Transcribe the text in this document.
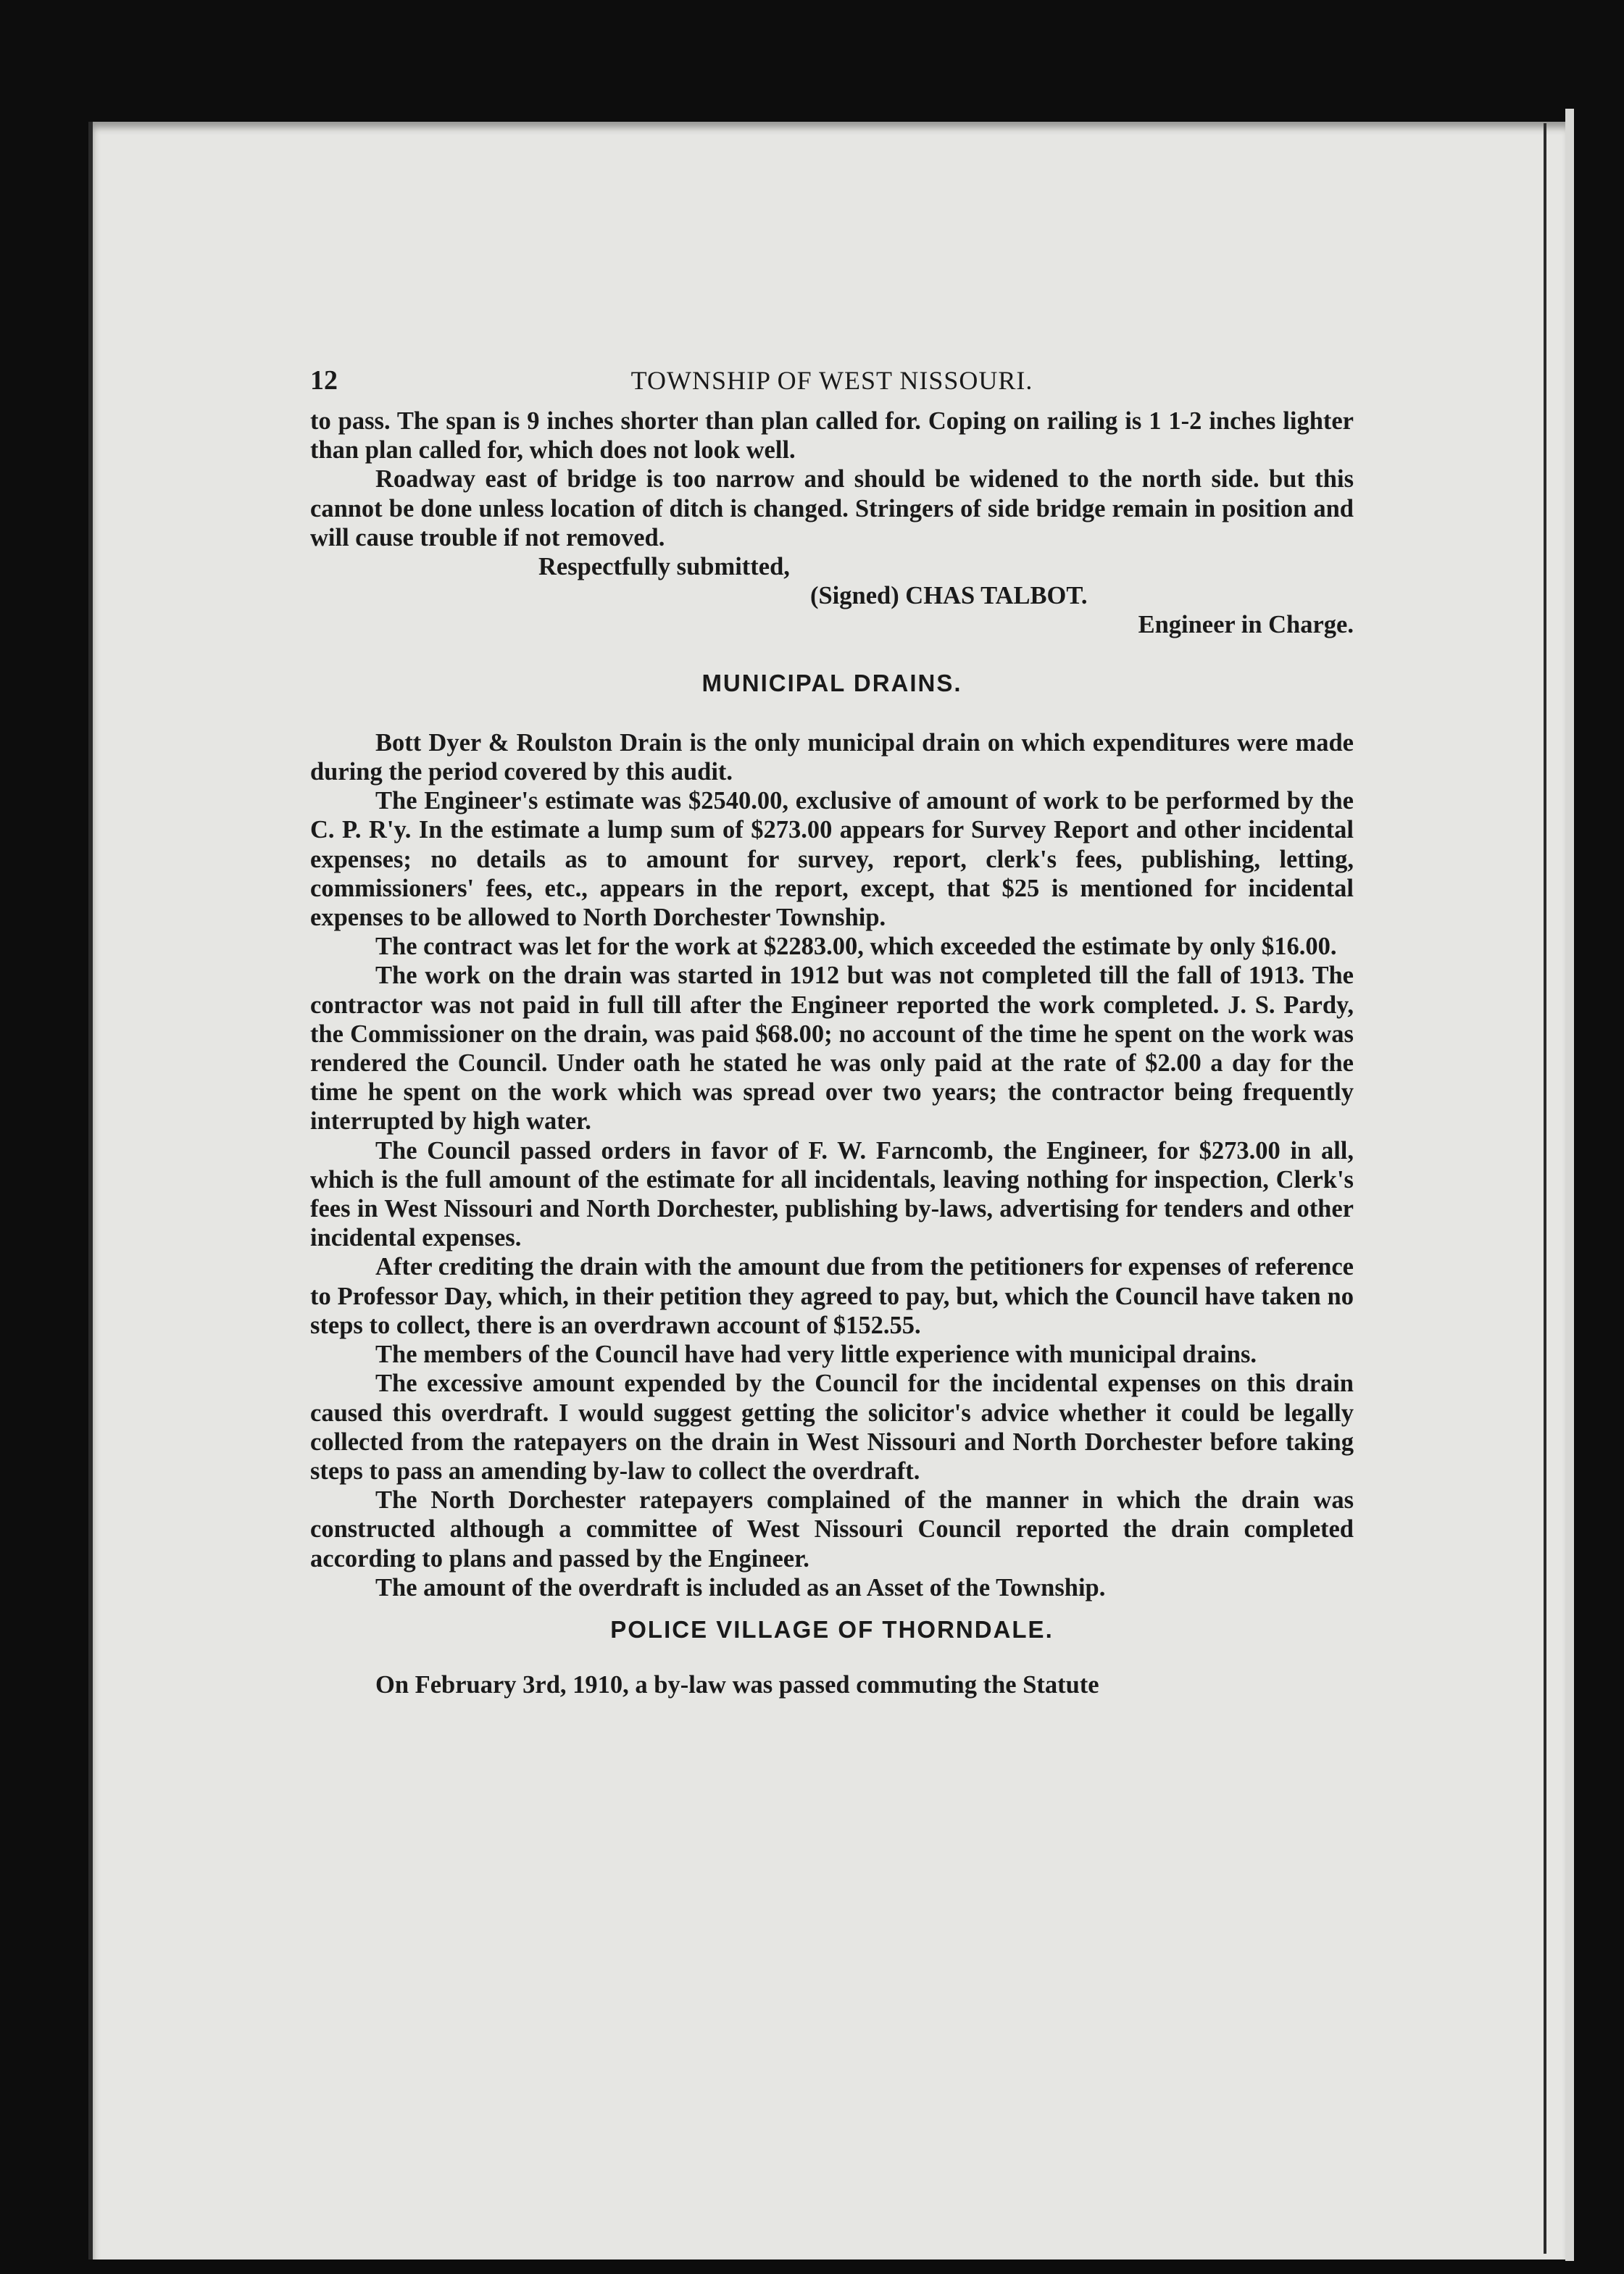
12	TOWNSHIP OF WEST NISSOURI.

to pass. The span is 9 inches shorter than plan called for. Coping on railing is 1 1-2 inches lighter than plan called for, which does not look well.

Roadway east of bridge is too narrow and should be widened to the north side. but this cannot be done unless location of ditch is changed. Stringers of side bridge remain in position and will cause trouble if not removed.

Respectfully submitted,

(Signed) CHAS TALBOT.

Engineer in Charge.

MUNICIPAL DRAINS.

Bott Dyer & Roulston Drain is the only municipal drain on which expenditures were made during the period covered by this audit.

The Engineer's estimate was $2540.00, exclusive of amount of work to be performed by the C. P. R'y. In the estimate a lump sum of $273.00 appears for Survey Report and other incidental expenses; no details as to amount for survey, report, clerk's fees, publishing, letting, commissioners' fees, etc., appears in the report, except, that $25 is mentioned for incidental expenses to be allowed to North Dorchester Township.

The contract was let for the work at $2283.00, which exceeded the estimate by only $16.00.

The work on the drain was started in 1912 but was not completed till the fall of 1913. The contractor was not paid in full till after the Engineer reported the work completed. J. S. Pardy, the Commissioner on the drain, was paid $68.00; no account of the time he spent on the work was rendered the Council. Under oath he stated he was only paid at the rate of $2.00 a day for the time he spent on the work which was spread over two years; the contractor being frequently interrupted by high water.

The Council passed orders in favor of F. W. Farncomb, the Engineer, for $273.00 in all, which is the full amount of the estimate for all incidentals, leaving nothing for inspection, Clerk's fees in West Nissouri and North Dorchester, publishing by-laws, advertising for tenders and other incidental expenses.

After crediting the drain with the amount due from the petitioners for expenses of reference to Professor Day, which, in their petition they agreed to pay, but, which the Council have taken no steps to collect, there is an overdrawn account of $152.55.

The members of the Council have had very little experience with municipal drains.

The excessive amount expended by the Council for the incidental expenses on this drain caused this overdraft. I would suggest getting the solicitor's advice whether it could be legally collected from the ratepayers on the drain in West Nissouri and North Dorchester before taking steps to pass an amending by-law to collect the overdraft.

The North Dorchester ratepayers complained of the manner in which the drain was constructed although a committee of West Nissouri Council reported the drain completed according to plans and passed by the Engineer.

The amount of the overdraft is included as an Asset of the Township.

POLICE VILLAGE OF THORNDALE.

On February 3rd, 1910, a by-law was passed commuting the Statute
